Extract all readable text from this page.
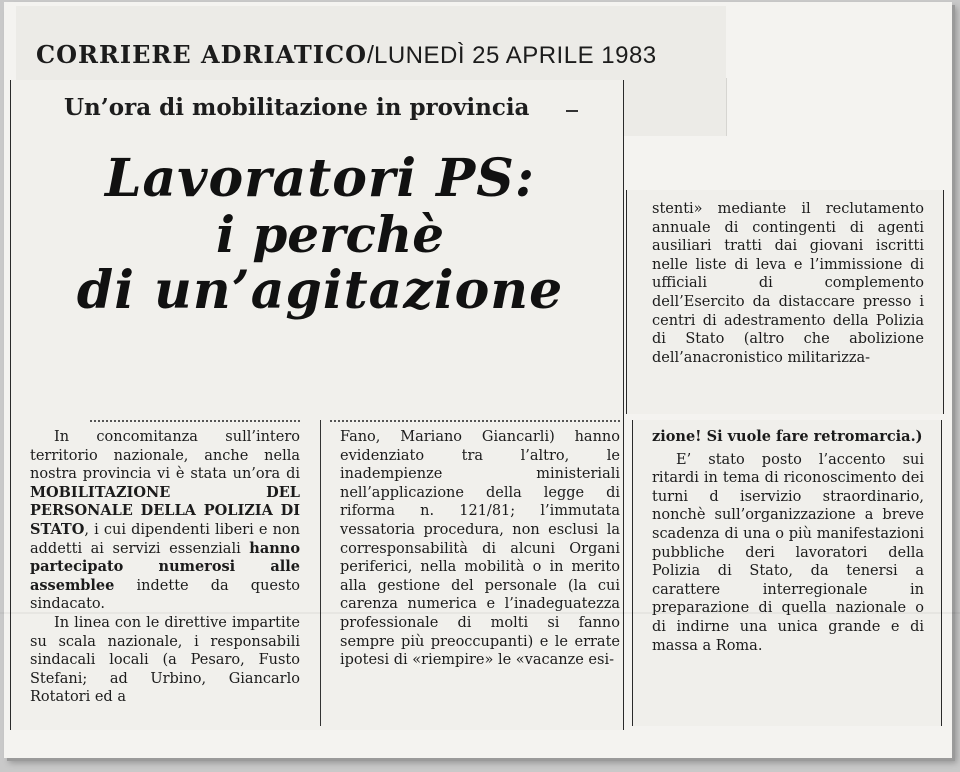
CORRIERE ADRIATICO/LUNEDÌ 25 APRILE 1983
Un’ora di mobilitazione in provincia
Lavoratori PS:
i perchè
di un’agitazione

In concomitanza sull’intero territorio nazionale, anche nella nostra provincia vi è stata un’ora di MOBILITAZIONE DEL PERSONALE DELLA POLIZIA DI STATO, i cui dipendenti liberi e non addetti ai servizi essenziali hanno partecipato numerosi alle assemblee indette da questo sindacato.

In linea con le direttive impartite su scala nazionale, i responsabili sindacali locali (a Pesaro, Fusto Stefani; ad Urbino, Giancarlo Rotatori ed a

Fano, Mariano Giancarli) hanno evidenziato tra l’altro, le inadempienze ministeriali nell’applicazione della legge di riforma n. 121/81; l’immutata vessatoria procedura, non esclusi la corresponsabilità di alcuni Organi periferici, nella mobilità o in merito alla gestione del personale (la cui carenza numerica e l’inadeguatezza professionale di molti si fanno sempre più preoccupanti) e le errate ipotesi di «riempire» le «vacanze esi-

stenti» mediante il reclutamento annuale di contingenti di agenti ausiliari tratti dai giovani iscritti nelle liste di leva e l’immissione di ufficiali di complemento dell’Esercito da distaccare presso i centri di adestramento della Polizia di Stato (altro che abolizione dell’anacronistico militarizza-

zione! Si vuole fare retromarcia.)

E’ stato posto l’accento sui ritardi in tema di riconoscimento dei turni d iservizio straordinario, nonchè sull’organizzazione a breve scadenza di una o più manifestazioni pubbliche deri lavoratori della Polizia di Stato, da tenersi a carattere interregionale in preparazione di quella nazionale o di indirne una unica grande e di massa a Roma.
